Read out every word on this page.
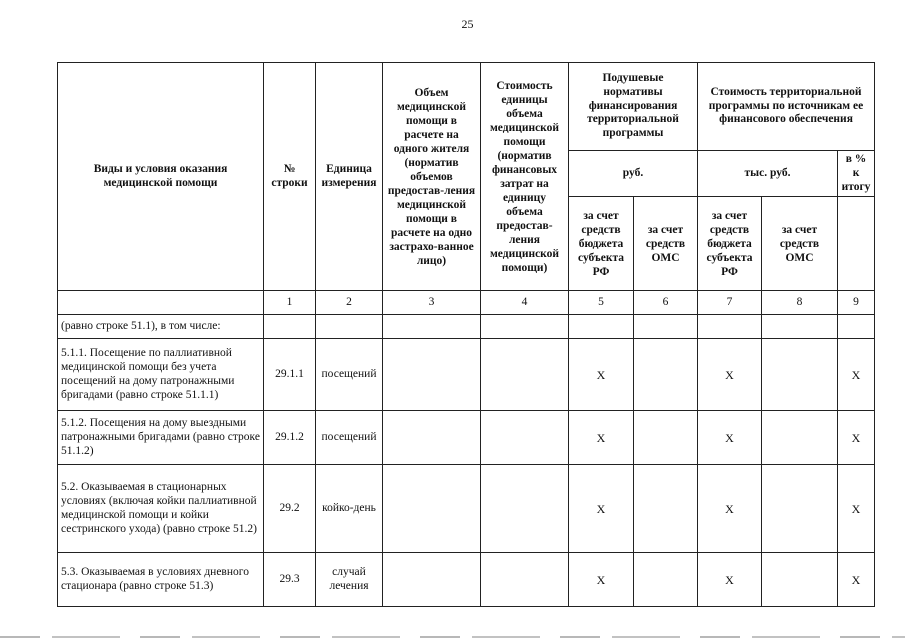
25
Виды и условия оказания медицинской помощи	№ строки	Единица измерения	Объем медицинской помощи в расчете на одного жителя (норматив объемов предостав-ления медицинской помощи в расчете на одно застрахо-ванное лицо)	Стоимость единицы объема медицинской помощи (норматив финансовых затрат на единицу объема предостав-ления медицинской помощи)	Подушевые нормативы финансирования территориальной программы		Стоимость территориальной программы по источникам ее финансового обеспечения		
					руб.		тыс. руб.		в % к итогу
					за счет средств бюджета субъекта РФ	за счет средств ОМС	за счет средств бюджета субъекта РФ	за счет средств ОМС	
	1	2	3	4	5	6	7	8	9
(равно строке 51.1), в том числе:									
5.1.1. Посещение по паллиативной медицинской помощи без учета посещений на дому патронажными бригадами (равно строке 51.1.1)	29.1.1	посещений			Х		Х		Х
5.1.2. Посещения на дому выездными патронажными бригадами (равно строке 51.1.2)	29.1.2	посещений			Х		Х		Х
5.2. Оказываемая в стационарных условиях (включая койки паллиативной медицинской помощи и койки сестринского ухода) (равно строке 51.2)	29.2	койко-день			Х		Х		Х
5.3. Оказываемая в условиях дневного стационара (равно строке 51.3)	29.3	случай лечения			Х		Х		Х
